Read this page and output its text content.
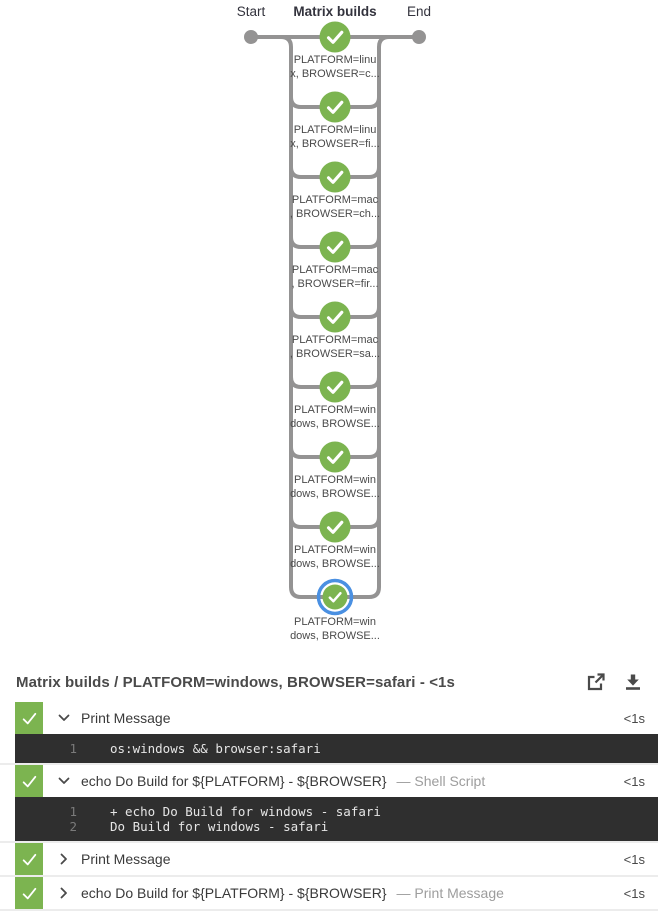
Start Matrix builds End
PLATFORM=linu
x, BROWSER=c...
PLATFORM=linu
x, BROWSER=fi...
PLATFORM=mac
, BROWSER=ch...
PLATFORM=mac
, BROWSER=fir...
PLATFORM=mac
, BROWSER=sa...
PLATFORM=win
dows, BROWSE...
PLATFORM=win
dows, BROWSE...
PLATFORM=win
dows, BROWSE...
PLATFORM=win
dows, BROWSE...
Matrix builds / PLATFORM=windows, BROWSER=safari - <1s
Print Message	<1s
1	os:windows && browser:safari
echo Do Build for ${PLATFORM} - ${BROWSER} — Shell Script	<1s
1	+ echo Do Build for windows - safari
2	Do Build for windows - safari
Print Message	<1s
echo Do Build for ${PLATFORM} - ${BROWSER} — Print Message	<1s
